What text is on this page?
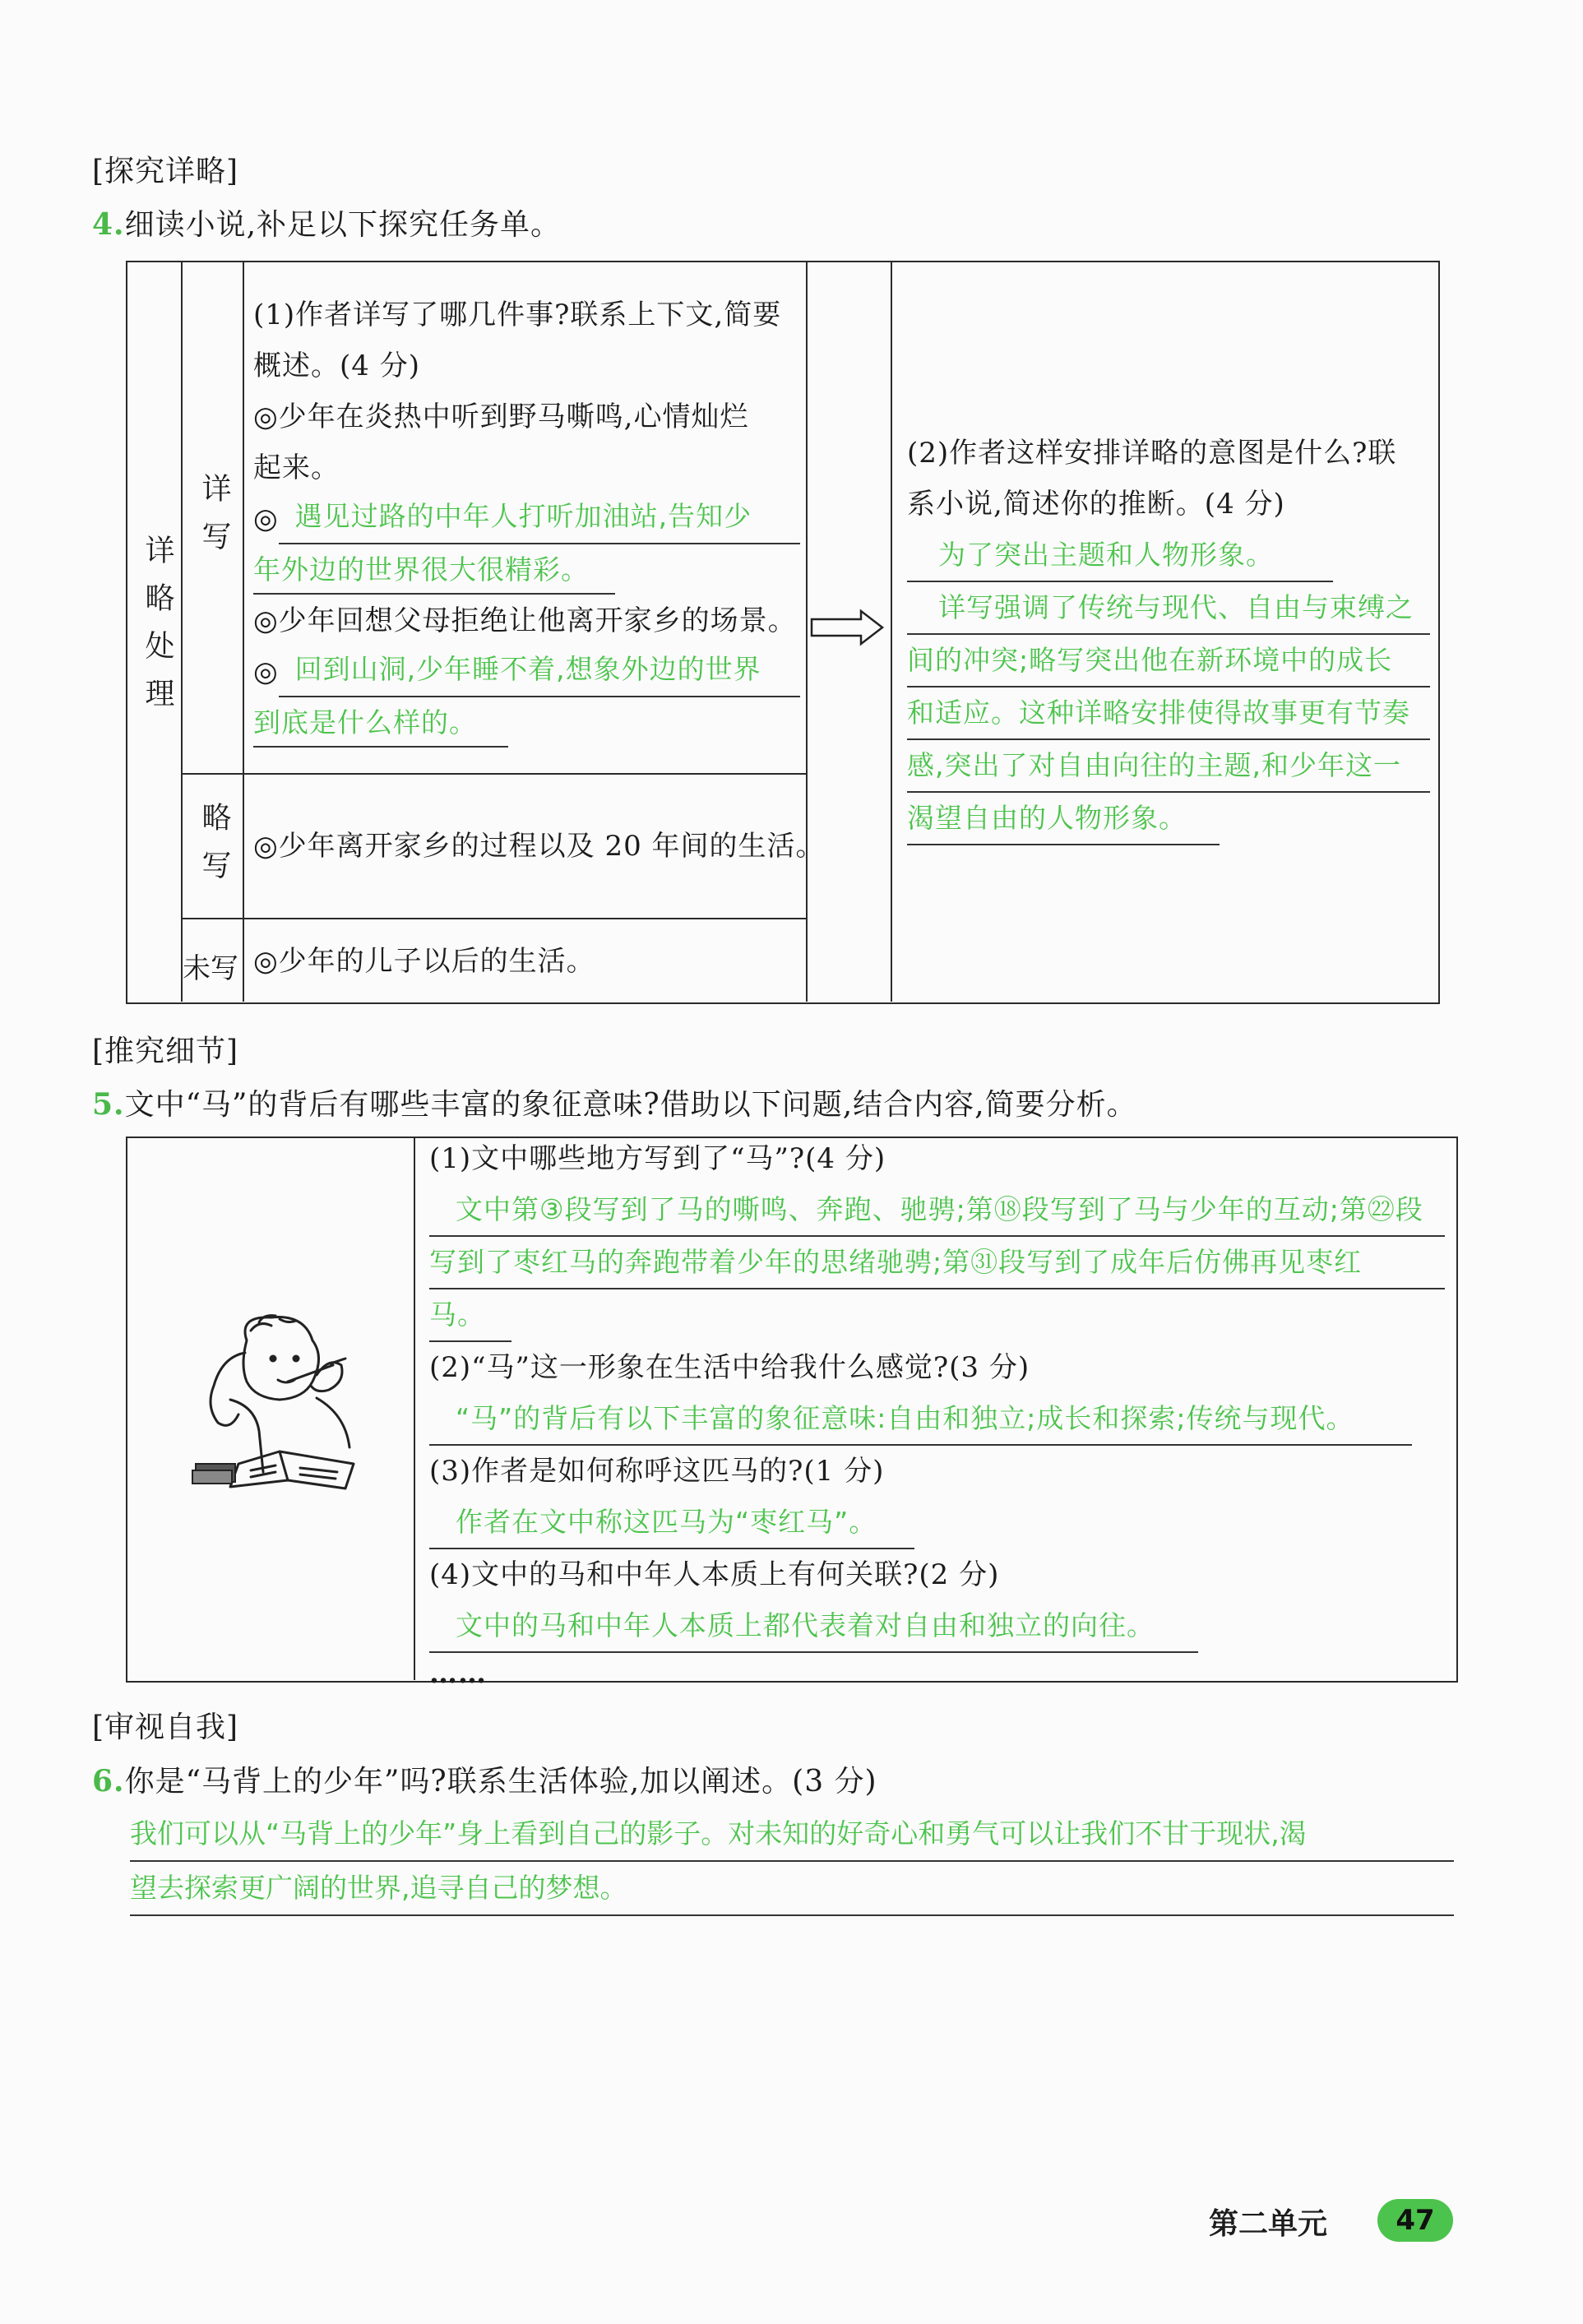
[探究详略]
4.细读小说,补足以下探究任务单。
详略处理
详写
略写
未写
(1)作者详写了哪几件事?联系上下文,简要
概述。(4 分)
◎少年在炎热中听到野马嘶鸣,心情灿烂
起来。
◎ 遇见过路的中年人打听加油站,告知少
年外边的世界很大很精彩。
◎少年回想父母拒绝让他离开家乡的场景。
◎ 回到山洞,少年睡不着,想象外边的世界
到底是什么样的。
◎少年离开家乡的过程以及 20 年间的生活。
◎少年的儿子以后的生活。
(2)作者这样安排详略的意图是什么?联
系小说,简述你的推断。(4 分)
为了突出主题和人物形象。
详写强调了传统与现代、自由与束缚之
间的冲突;略写突出他在新环境中的成长
和适应。这种详略安排使得故事更有节奏
感,突出了对自由向往的主题,和少年这一
渴望自由的人物形象。
[推究细节]
5.文中“马”的背后有哪些丰富的象征意味?借助以下问题,结合内容,简要分析。
(1)文中哪些地方写到了“马”?(4 分)
文中第③段写到了马的嘶鸣、奔跑、驰骋;第⑱段写到了马与少年的互动;第㉒段
写到了枣红马的奔跑带着少年的思绪驰骋;第㉛段写到了成年后仿佛再见枣红
马。
(2)“马”这一形象在生活中给我什么感觉?(3 分)
“马”的背后有以下丰富的象征意味:自由和独立;成长和探索;传统与现代。
(3)作者是如何称呼这匹马的?(1 分)
作者在文中称这匹马为“枣红马”。
(4)文中的马和中年人本质上有何关联?(2 分)
文中的马和中年人本质上都代表着对自由和独立的向往。
……
[审视自我]
6.你是“马背上的少年”吗?联系生活体验,加以阐述。(3 分)
我们可以从“马背上的少年”身上看到自己的影子。对未知的好奇心和勇气可以让我们不甘于现状,渴
望去探索更广阔的世界,追寻自己的梦想。
第二单元	47
